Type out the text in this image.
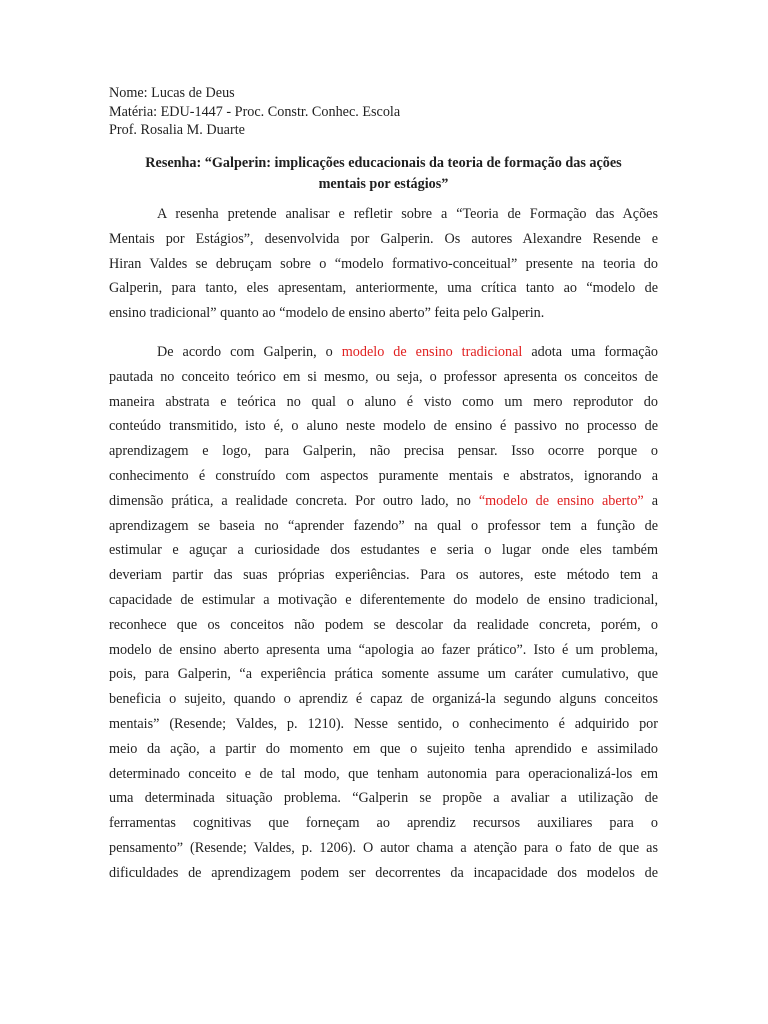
Nome: Lucas de Deus
Matéria: EDU-1447 - Proc. Constr. Conhec. Escola
Prof. Rosalia M. Duarte
Resenha: “Galperin: implicações educacionais da teoria de formação das ações
mentais por estágios”
A resenha pretende analisar e refletir sobre a “Teoria de Formação das Ações
Mentais por Estágios”, desenvolvida por Galperin. Os autores Alexandre Resende e
Hiran Valdes se debruçam sobre o “modelo formativo-conceitual” presente na teoria do
Galperin, para tanto, eles apresentam, anteriormente, uma crítica tanto ao “modelo de
ensino tradicional” quanto ao “modelo de ensino aberto” feita pelo Galperin.
De acordo com Galperin, o modelo de ensino tradicional adota uma formação
pautada no conceito teórico em si mesmo, ou seja, o professor apresenta os conceitos de
maneira abstrata e teórica no qual o aluno é visto como um mero reprodutor do
conteúdo transmitido, isto é, o aluno neste modelo de ensino é passivo no processo de
aprendizagem e logo, para Galperin, não precisa pensar. Isso ocorre porque o
conhecimento é construído com aspectos puramente mentais e abstratos, ignorando a
dimensão prática, a realidade concreta. Por outro lado, no “modelo de ensino aberto” a
aprendizagem se baseia no “aprender fazendo” na qual o professor tem a função de
estimular e aguçar a curiosidade dos estudantes e seria o lugar onde eles também
deveriam partir das suas próprias experiências. Para os autores, este método tem a
capacidade de estimular a motivação e diferentemente do modelo de ensino tradicional,
reconhece que os conceitos não podem se descolar da realidade concreta, porém, o
modelo de ensino aberto apresenta uma “apologia ao fazer prático”. Isto é um problema,
pois, para Galperin, “a experiência prática somente assume um caráter cumulativo, que
beneficia o sujeito, quando o aprendiz é capaz de organizá-la segundo alguns conceitos
mentais” (Resende; Valdes, p. 1210). Nesse sentido, o conhecimento é adquirido por
meio da ação, a partir do momento em que o sujeito tenha aprendido e assimilado
determinado conceito e de tal modo, que tenham autonomia para operacionalizá-los em
uma determinada situação problema. “Galperin se propõe a avaliar a utilização de
ferramentas cognitivas que forneçam ao aprendiz recursos auxiliares para o
pensamento” (Resende; Valdes, p. 1206). O autor chama a atenção para o fato de que as
dificuldades de aprendizagem podem ser decorrentes da incapacidade dos modelos de
